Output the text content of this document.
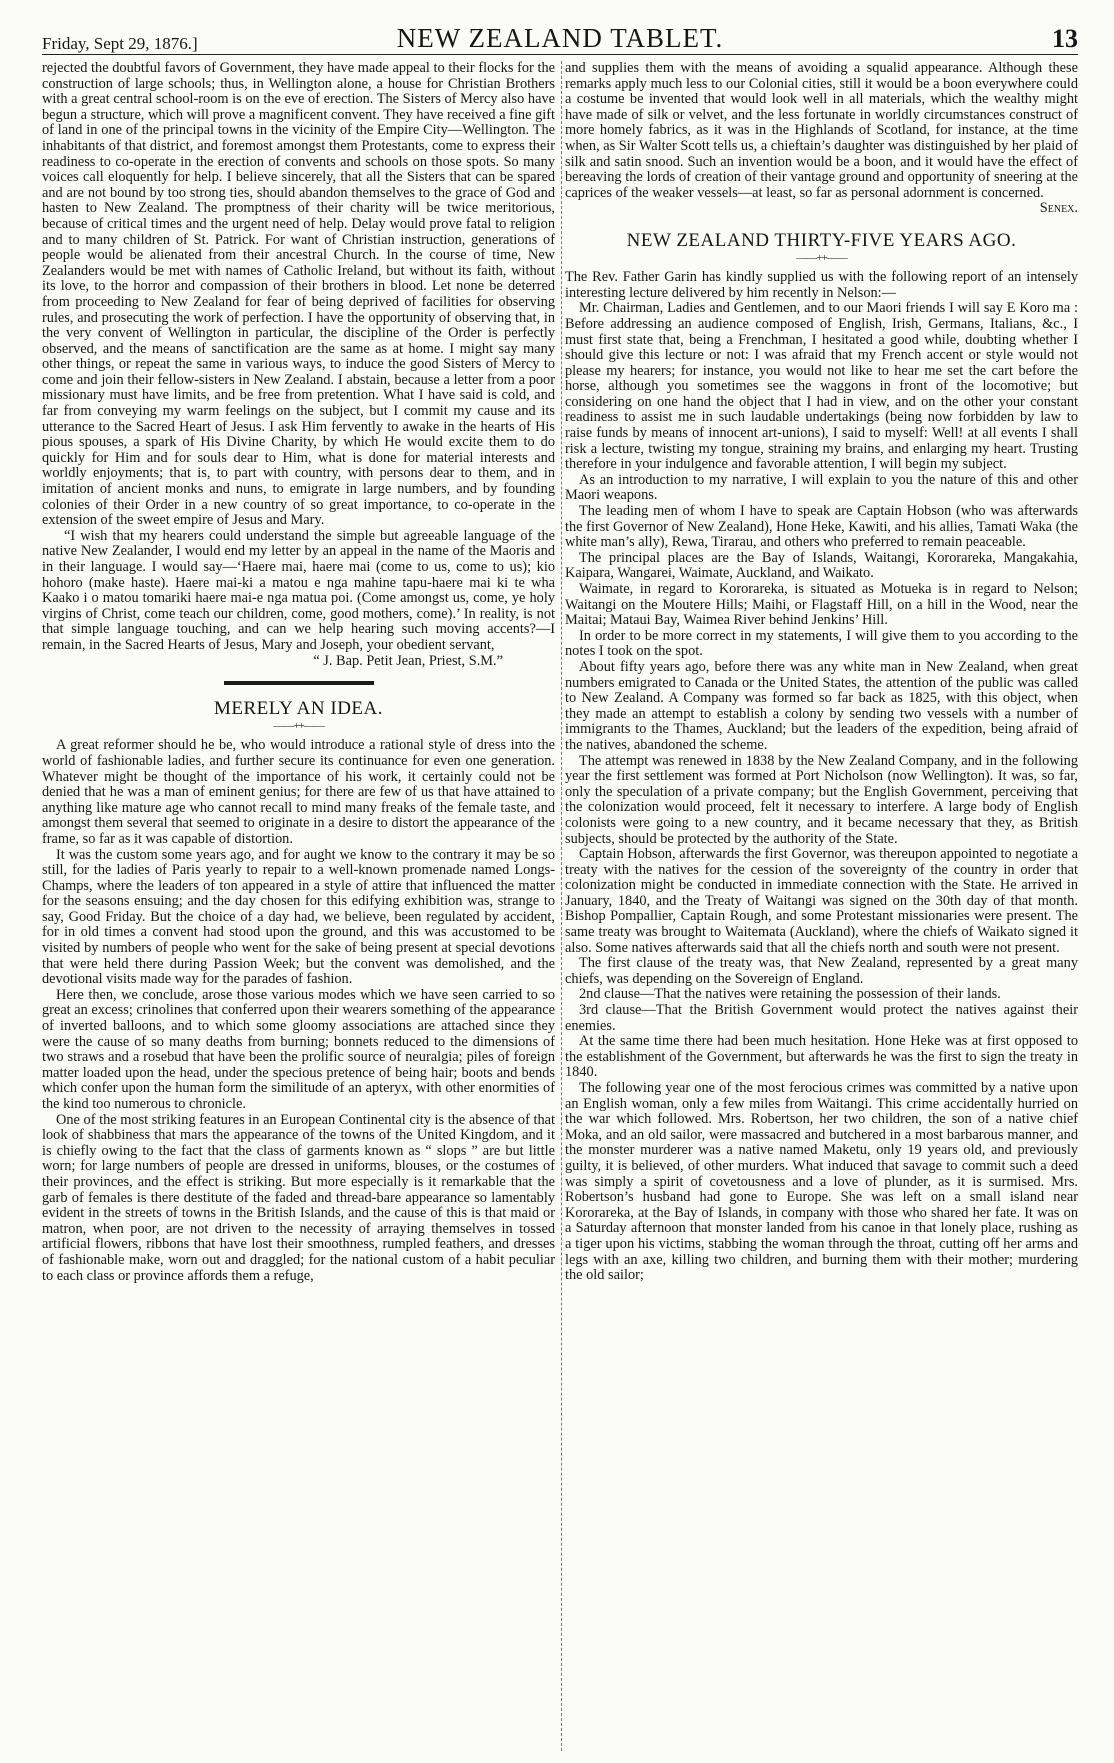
Friday, Sept 29, 1876.]	NEW ZEALAND TABLET.	13

rejected the doubtful favors of Government, they have made appeal to their flocks for the construction of large schools; thus, in Wellington alone, a house for Christian Brothers with a great central school-room is on the eve of erection. The Sisters of Mercy also have begun a structure, which will prove a magnificent convent. They have received a fine gift of land in one of the principal towns in the vicinity of the Empire City—Wellington. The inhabitants of that district, and foremost amongst them Protestants, come to express their readiness to co-operate in the erection of convents and schools on those spots. So many voices call eloquently for help. I believe sincerely, that all the Sisters that can be spared and are not bound by too strong ties, should abandon themselves to the grace of God and hasten to New Zealand. The promptness of their charity will be twice meritorious, because of critical times and the urgent need of help. Delay would prove fatal to religion and to many children of St. Patrick. For want of Christian instruction, generations of people would be alienated from their ancestral Church. In the course of time, New Zealanders would be met with names of Catholic Ireland, but without its faith, without its love, to the horror and compassion of their brothers in blood. Let none be deterred from proceeding to New Zealand for fear of being deprived of facilities for observing rules, and prosecuting the work of perfection. I have the opportunity of observing that, in the very convent of Wellington in particular, the discipline of the Order is perfectly observed, and the means of sanctification are the same as at home. I might say many other things, or repeat the same in various ways, to induce the good Sisters of Mercy to come and join their fellow-sisters in New Zealand. I abstain, because a letter from a poor missionary must have limits, and be free from pretention. What I have said is cold, and far from conveying my warm feelings on the subject, but I commit my cause and its utterance to the Sacred Heart of Jesus. I ask Him fervently to awake in the hearts of His pious spouses, a spark of His Divine Charity, by which He would excite them to do quickly for Him and for souls dear to Him, what is done for material interests and worldly enjoyments; that is, to part with country, with persons dear to them, and in imitation of ancient monks and nuns, to emigrate in large numbers, and by founding colonies of their Order in a new country of so great importance, to co-operate in the extension of the sweet empire of Jesus and Mary.

“I wish that my hearers could understand the simple but agreeable language of the native New Zealander, I would end my letter by an appeal in the name of the Maoris and in their language. I would say—‘Haere mai, haere mai (come to us, come to us); kio hohoro (make haste). Haere mai-ki a matou e nga mahine tapu-haere mai ki te wha Kaako i o matou tomariki haere mai-e nga matua poi. (Come amongst us, come, ye holy virgins of Christ, come teach our children, come, good mothers, come).’ In reality, is not that simple language touching, and can we help hearing such moving accents?—I remain, in the Sacred Hearts of Jesus, Mary and Joseph, your obedient servant,

“ J. Bap. Petit Jean, Priest, S.M.”

MERELY AN IDEA.
——++——

A great reformer should he be, who would introduce a rational style of dress into the world of fashionable ladies, and further secure its continuance for even one generation. Whatever might be thought of the importance of his work, it certainly could not be denied that he was a man of eminent genius; for there are few of us that have attained to anything like mature age who cannot recall to mind many freaks of the female taste, and amongst them several that seemed to originate in a desire to distort the appearance of the frame, so far as it was capable of distortion.

It was the custom some years ago, and for aught we know to the contrary it may be so still, for the ladies of Paris yearly to repair to a well-known promenade named Longs-Champs, where the leaders of ton appeared in a style of attire that influenced the matter for the seasons ensuing; and the day chosen for this edifying exhibition was, strange to say, Good Friday. But the choice of a day had, we believe, been regulated by accident, for in old times a convent had stood upon the ground, and this was accustomed to be visited by numbers of people who went for the sake of being present at special devotions that were held there during Passion Week; but the convent was demolished, and the devotional visits made way for the parades of fashion.

Here then, we conclude, arose those various modes which we have seen carried to so great an excess; crinolines that conferred upon their wearers something of the appearance of inverted balloons, and to which some gloomy associations are attached since they were the cause of so many deaths from burning; bonnets reduced to the dimensions of two straws and a rosebud that have been the prolific source of neuralgia; piles of foreign matter loaded upon the head, under the specious pretence of being hair; boots and bends which confer upon the human form the similitude of an apteryx, with other enormities of the kind too numerous to chronicle.

One of the most striking features in an European Continental city is the absence of that look of shabbiness that mars the appearance of the towns of the United Kingdom, and it is chiefly owing to the fact that the class of garments known as “ slops ” are but little worn; for large numbers of people are dressed in uniforms, blouses, or the costumes of their provinces, and the effect is striking. But more especially is it remarkable that the garb of females is there destitute of the faded and thread-bare appearance so lamentably evident in the streets of towns in the British Islands, and the cause of this is that maid or matron, when poor, are not driven to the necessity of arraying themselves in tossed artificial flowers, ribbons that have lost their smoothness, rumpled feathers, and dresses of fashionable make, worn out and draggled; for the national custom of a habit peculiar to each class or province affords them a refuge,

and supplies them with the means of avoiding a squalid appearance. Although these remarks apply much less to our Colonial cities, still it would be a boon everywhere could a costume be invented that would look well in all materials, which the wealthy might have made of silk or velvet, and the less fortunate in worldly circumstances construct of more homely fabrics, as it was in the Highlands of Scotland, for instance, at the time when, as Sir Walter Scott tells us, a chieftain’s daughter was distinguished by her plaid of silk and satin snood. Such an invention would be a boon, and it would have the effect of bereaving the lords of creation of their vantage ground and opportunity of sneering at the caprices of the weaker vessels—at least, so far as personal adornment is concerned.

Senex.

NEW ZEALAND THIRTY-FIVE YEARS AGO.
——++——

The Rev. Father Garin has kindly supplied us with the following report of an intensely interesting lecture delivered by him recently in Nelson:—

Mr. Chairman, Ladies and Gentlemen, and to our Maori friends I will say E Koro ma : Before addressing an audience composed of English, Irish, Germans, Italians, &c., I must first state that, being a Frenchman, I hesitated a good while, doubting whether I should give this lecture or not: I was afraid that my French accent or style would not please my hearers; for instance, you would not like to hear me set the cart before the horse, although you sometimes see the waggons in front of the locomotive; but considering on one hand the object that I had in view, and on the other your constant readiness to assist me in such laudable undertakings (being now forbidden by law to raise funds by means of innocent art-unions), I said to myself: Well! at all events I shall risk a lecture, twisting my tongue, straining my brains, and enlarging my heart. Trusting therefore in your indulgence and favorable attention, I will begin my subject.

As an introduction to my narrative, I will explain to you the nature of this and other Maori weapons.

The leading men of whom I have to speak are Captain Hobson (who was afterwards the first Governor of New Zealand), Hone Heke, Kawiti, and his allies, Tamati Waka (the white man’s ally), Rewa, Tirarau, and others who preferred to remain peaceable.

The principal places are the Bay of Islands, Waitangi, Kororareka, Mangakahia, Kaipara, Wangarei, Waimate, Auckland, and Waikato.

Waimate, in regard to Kororareka, is situated as Motueka is in regard to Nelson; Waitangi on the Moutere Hills; Maihi, or Flagstaff Hill, on a hill in the Wood, near the Maitai; Mataui Bay, Waimea River behind Jenkins’ Hill.

In order to be more correct in my statements, I will give them to you according to the notes I took on the spot.

About fifty years ago, before there was any white man in New Zealand, when great numbers emigrated to Canada or the United States, the attention of the public was called to New Zealand. A Company was formed so far back as 1825, with this object, when they made an attempt to establish a colony by sending two vessels with a number of immigrants to the Thames, Auckland; but the leaders of the expedition, being afraid of the natives, abandoned the scheme.

The attempt was renewed in 1838 by the New Zealand Company, and in the following year the first settlement was formed at Port Nicholson (now Wellington). It was, so far, only the speculation of a private company; but the English Government, perceiving that the colonization would proceed, felt it necessary to interfere. A large body of English colonists were going to a new country, and it became necessary that they, as British subjects, should be protected by the authority of the State.

Captain Hobson, afterwards the first Governor, was thereupon appointed to negotiate a treaty with the natives for the cession of the sovereignty of the country in order that colonization might be conducted in immediate connection with the State. He arrived in January, 1840, and the Treaty of Waitangi was signed on the 30th day of that month. Bishop Pompallier, Captain Rough, and some Protestant missionaries were present. The same treaty was brought to Waitemata (Auckland), where the chiefs of Waikato signed it also. Some natives afterwards said that all the chiefs north and south were not present.

The first clause of the treaty was, that New Zealand, represented by a great many chiefs, was depending on the Sovereign of England.

2nd clause—That the natives were retaining the possession of their lands.

3rd clause—That the British Government would protect the natives against their enemies.

At the same time there had been much hesitation. Hone Heke was at first opposed to the establishment of the Government, but afterwards he was the first to sign the treaty in 1840.

The following year one of the most ferocious crimes was committed by a native upon an English woman, only a few miles from Waitangi. This crime accidentally hurried on the war which followed. Mrs. Robertson, her two children, the son of a native chief Moka, and an old sailor, were massacred and butchered in a most barbarous manner, and the monster murderer was a native named Maketu, only 19 years old, and previously guilty, it is believed, of other murders. What induced that savage to commit such a deed was simply a spirit of covetousness and a love of plunder, as it is surmised. Mrs. Robertson’s husband had gone to Europe. She was left on a small island near Kororareka, at the Bay of Islands, in company with those who shared her fate. It was on a Saturday afternoon that monster landed from his canoe in that lonely place, rushing as a tiger upon his victims, stabbing the woman through the throat, cutting off her arms and legs with an axe, killing two children, and burning them with their mother; murdering the old sailor;
